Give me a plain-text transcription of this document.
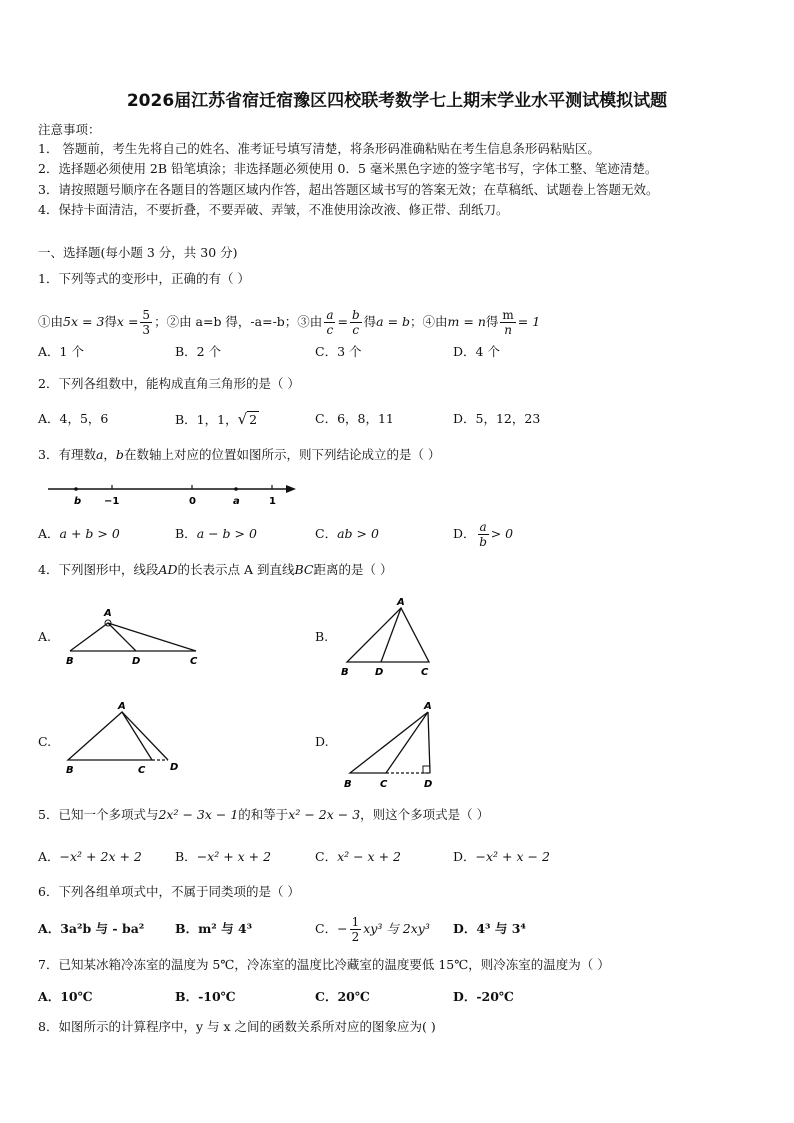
2026届江苏省宿迁宿豫区四校联考数学七上期末学业水平测试模拟试题
注意事项：
1． 答题前，考生先将自己的姓名、准考证号填写清楚，将条形码准确粘贴在考生信息条形码粘贴区。
2．选择题必须使用 2B 铅笔填涂；非选择题必须使用 0．5 毫米黑色字迹的签字笔书写，字体工整、笔迹清楚。
3．请按照题号顺序在各题目的答题区域内作答，超出答题区域书写的答案无效；在草稿纸、试题卷上答题无效。
4．保持卡面清洁，不要折叠，不要弄破、弄皱，不准使用涂改液、修正带、刮纸刀。
一、选择题(每小题 3 分，共 30 分)
1．下列等式的变形中，正确的有（ ）
①由5x = 3得$x = \frac{5}{3}$ ；②由 a=b 得，-a=-b；③由 $\frac{a}{c} = \frac{b}{c}$ 得a = b；④由m = n得 $\frac{m}{n} = 1$
A．1 个	B．2 个	C．3 个	D．4 个
2．下列各组数中，能构成直角三角形的是（ ）
A．4，5，6	B．1，1，√ 2	C．6，8，11	D．5，12，23
3．有理数a，b在数轴上对应的位置如图所示，则下列结论成立的是（ ）
b −1	0	a	1
A．a + b > 0	B．a − b > 0	C．ab > 0	D． $\frac{a}{b} > 0$
4．下列图形中，线段AD的长表示点 A 到直线BC距离的是（ ）
A.
A
B	D	C
B.
A
B	D	C
C.
A
B	C D
D.
A
B	C	D
5．已知一个多项式与2x² − 3x − 1的和等于x² − 2x − 3，则这个多项式是（ ）
A．−x² + 2x + 2	B．−x² + x + 2	C．x² − x + 2	D．−x² + x − 2
6．下列各组单项式中，不属于同类项的是（ ）
A．3a²b 与 - ba² B．m² 与 4³	C．− $\frac{1}{2} xy^3$ 与 2xy³ D．4³ 与 3⁴
7．已知某冰箱冷冻室的温度为 5℃，冷冻室的温度比冷藏室的温度要低 15℃，则冷冻室的温度为（ ）
A．10℃	B．-10℃	C．20℃	D．-20℃
8．如图所示的计算程序中，y 与 x 之间的函数关系所对应的图象应为( )
